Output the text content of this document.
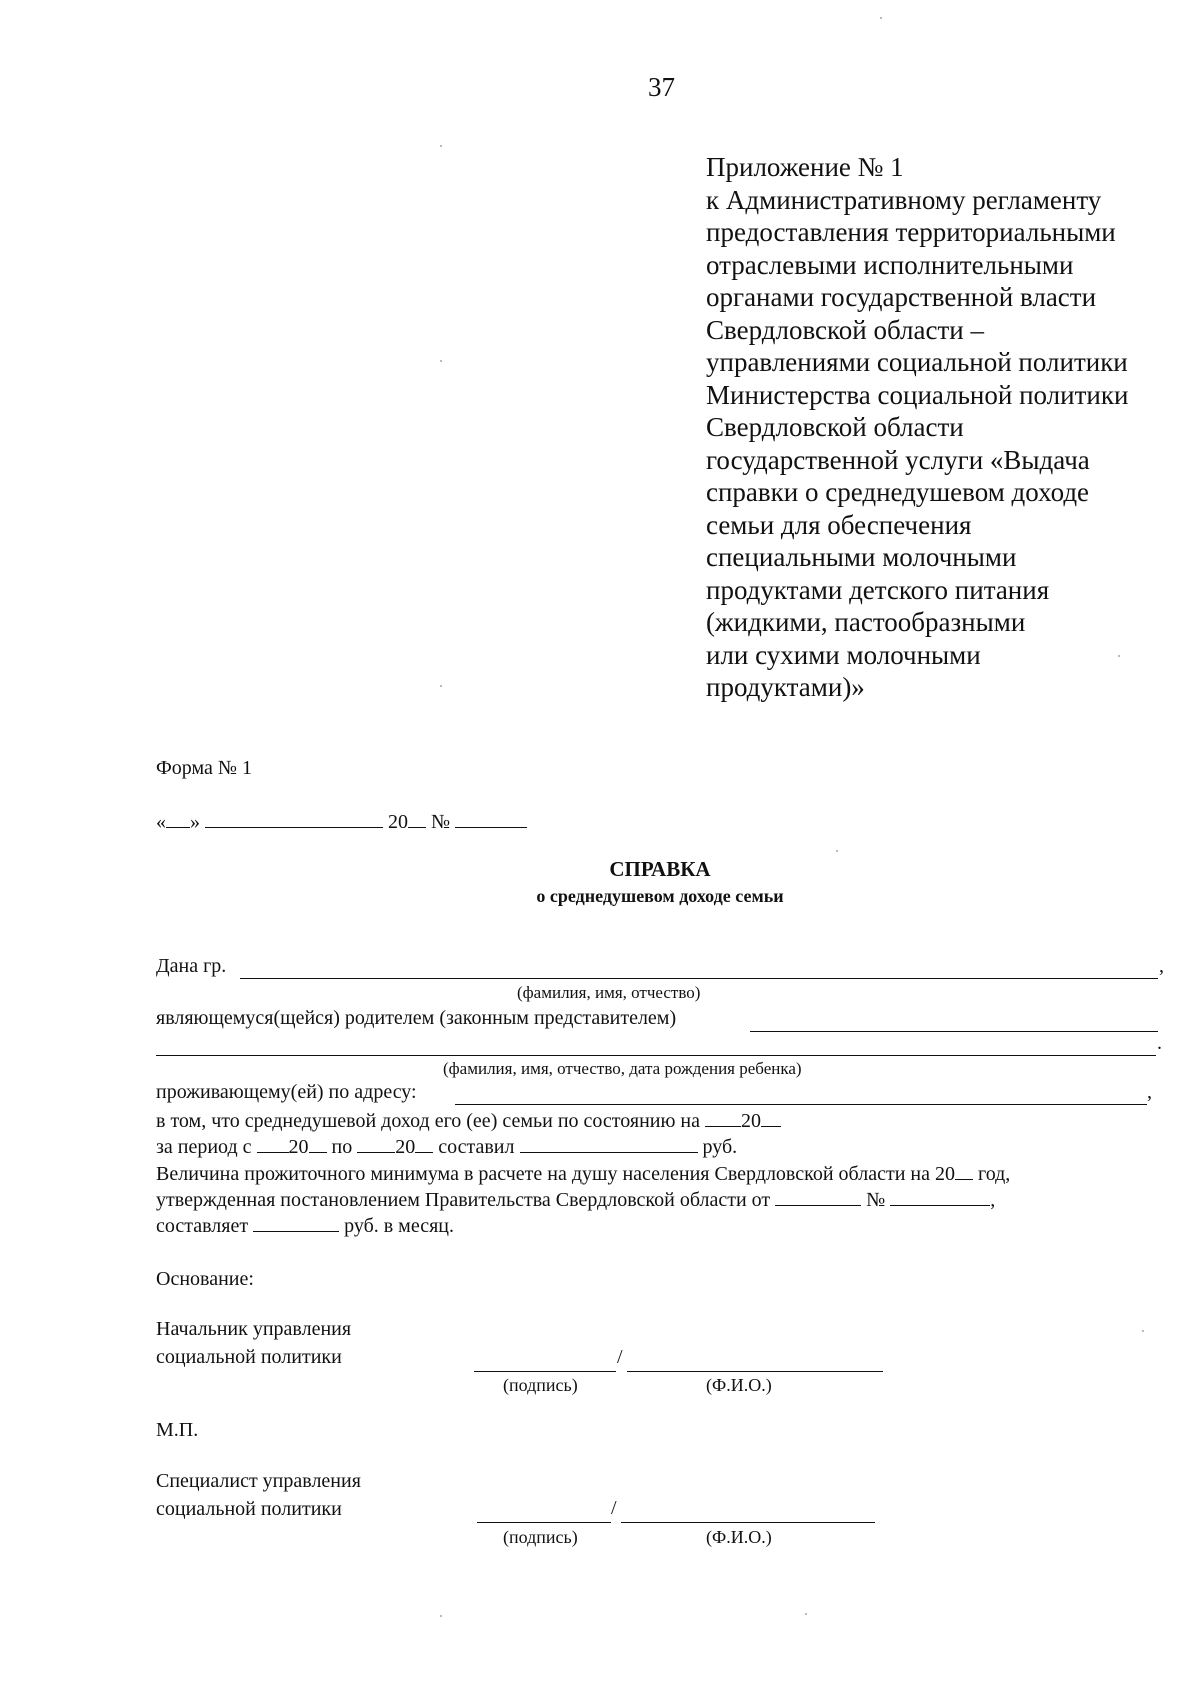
37
Приложение № 1
к Административному регламенту
предоставления территориальными
отраслевыми исполнительными
органами государственной власти
Свердловской области –
управлениями социальной политики
Министерства социальной политики
Свердловской области
государственной услуги «Выдача
справки о среднедушевом доходе
семьи для обеспечения
специальными молочными
продуктами детского питания
(жидкими, пастообразными
или сухими молочными
продуктами)»
Форма № 1
« »	20 №
СПРАВКА
о среднедушевом доходе семьи
Дана гр.	,
(фамилия, имя, отчество)
являющемуся(щейся) родителем (законным представителем)
.
(фамилия, имя, отчество, дата рождения ребенка)
проживающему(ей) по адресу:	,
в том, что среднедушевой доход его (ее) семьи по состоянию на 20
за период с 20 по 20 составил	руб.
Величина прожиточного минимума в расчете на душу населения Свердловской области на 20 год,
утвержденная постановлением Правительства Свердловской области от	№	,
составляет	руб. в месяц.
Основание:
Начальник управления
социальной политики	/
(подпись)	(Ф.И.О.)
М.П.
Специалист управления
социальной политики	/
(подпись)	(Ф.И.О.)
